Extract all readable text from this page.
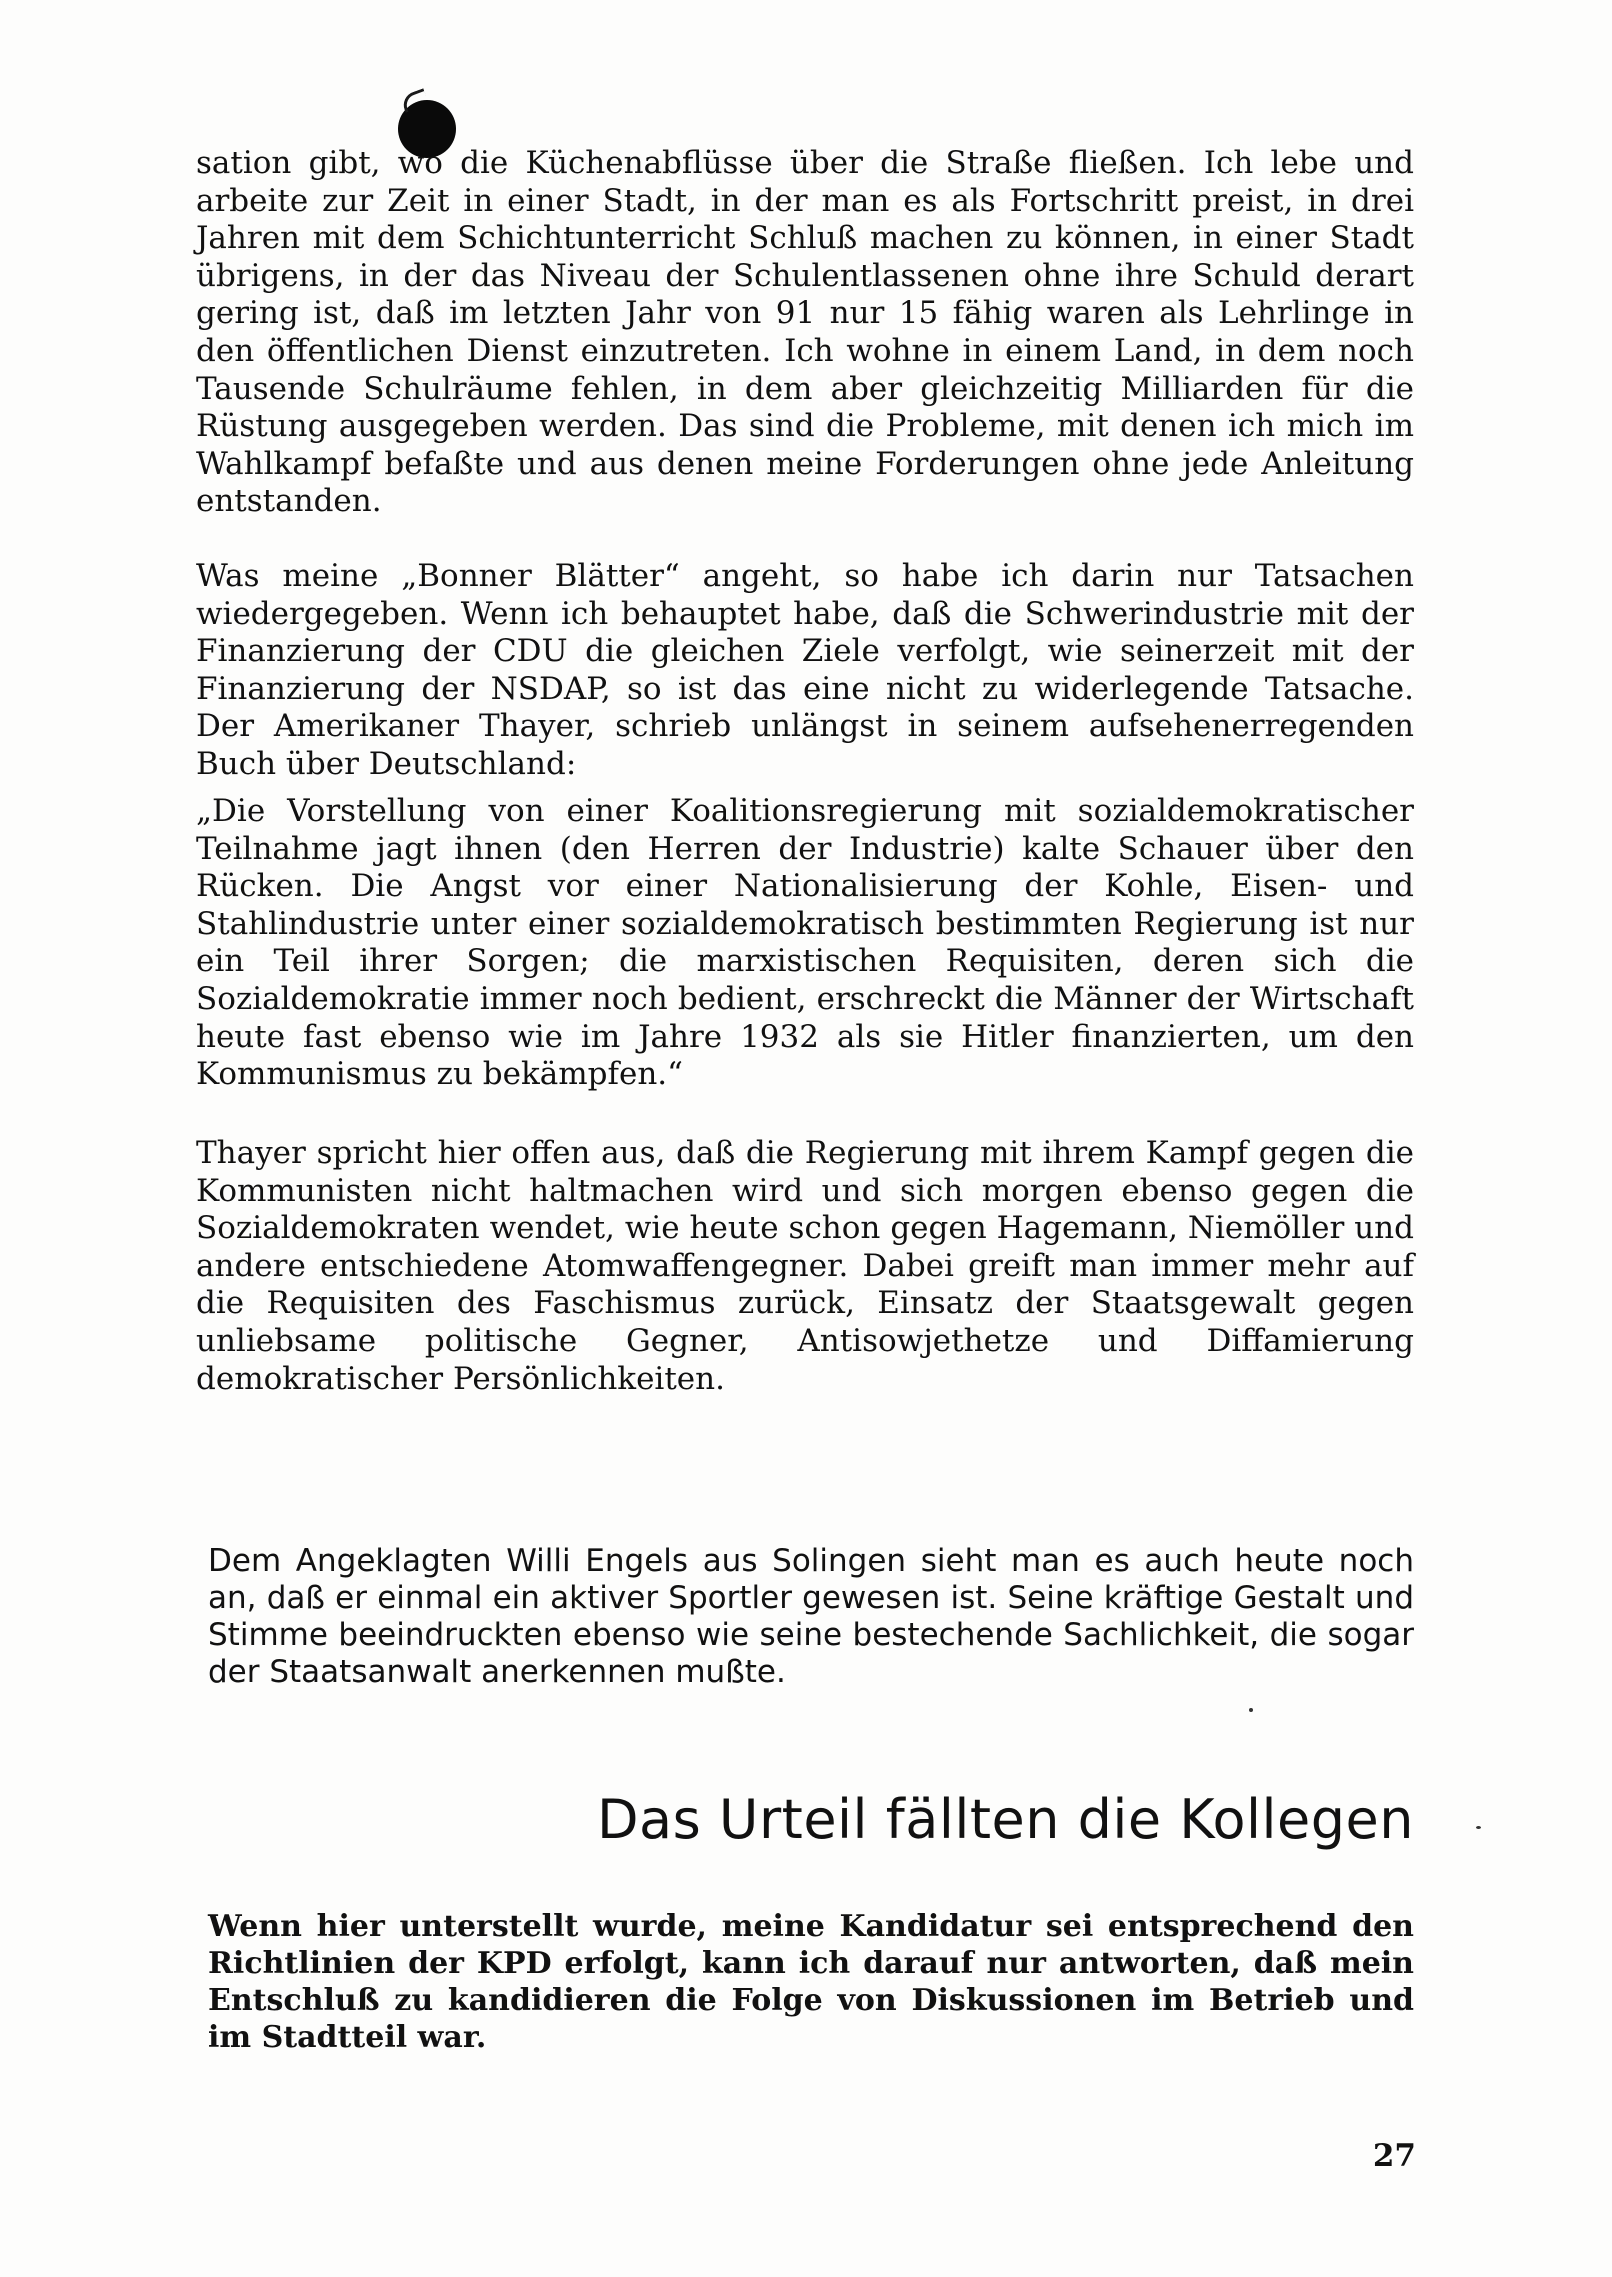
sation gibt, wo die Küchenabflüsse über die Straße fließen. Ich lebe und arbeite zur Zeit in einer Stadt, in der man es als Fortschritt preist, in drei Jahren mit dem Schichtunterricht Schluß machen zu können, in einer Stadt übrigens, in der das Niveau der Schulentlassenen ohne ihre Schuld derart gering ist, daß im letzten Jahr von 91 nur 15 fähig waren als Lehrlinge in den öffentlichen Dienst einzutreten. Ich wohne in einem Land, in dem noch Tausende Schulräume fehlen, in dem aber gleichzeitig Milliarden für die Rüstung ausgegeben werden. Das sind die Probleme, mit denen ich mich im Wahlkampf befaßte und aus denen meine Forderungen ohne jede Anleitung entstanden.

Was meine „Bonner Blätter“ angeht, so habe ich darin nur Tatsachen wiedergegeben. Wenn ich behauptet habe, daß die Schwerindustrie mit der Finanzierung der CDU die gleichen Ziele verfolgt, wie seinerzeit mit der Finanzierung der NSDAP, so ist das eine nicht zu widerlegende Tatsache. Der Amerikaner Thayer, schrieb unlängst in seinem aufsehenerregenden Buch über Deutschland:

„Die Vorstellung von einer Koalitionsregierung mit sozialdemokratischer Teilnahme jagt ihnen (den Herren der Industrie) kalte Schauer über den Rücken. Die Angst vor einer Nationalisierung der Kohle, Eisen- und Stahlindustrie unter einer sozialdemokratisch bestimmten Regierung ist nur ein Teil ihrer Sorgen; die marxistischen Requisiten, deren sich die Sozialdemokratie immer noch bedient, erschreckt die Männer der Wirtschaft heute fast ebenso wie im Jahre 1932 als sie Hitler finanzierten, um den Kommunismus zu bekämpfen.“

Thayer spricht hier offen aus, daß die Regierung mit ihrem Kampf gegen die Kommunisten nicht haltmachen wird und sich morgen ebenso gegen die Sozialdemokraten wendet, wie heute schon gegen Hagemann, Niemöller und andere entschiedene Atomwaffengegner. Dabei greift man immer mehr auf die Requisiten des Faschismus zurück, Einsatz der Staatsgewalt gegen unliebsame politische Gegner, Antisowjethetze und Diffamierung demokratischer Persönlichkeiten.

Dem Angeklagten Willi Engels aus Solingen sieht man es auch heute noch an, daß er einmal ein aktiver Sportler gewesen ist. Seine kräftige Gestalt und Stimme beeindruckten ebenso wie seine bestechende Sachlichkeit, die sogar der Staatsanwalt anerkennen mußte.

Das Urteil fällten die Kollegen

Wenn hier unterstellt wurde, meine Kandidatur sei entsprechend den Richtlinien der KPD erfolgt, kann ich darauf nur antworten, daß mein Entschluß zu kandidieren die Folge von Diskussionen im Betrieb und im Stadtteil war.

27
